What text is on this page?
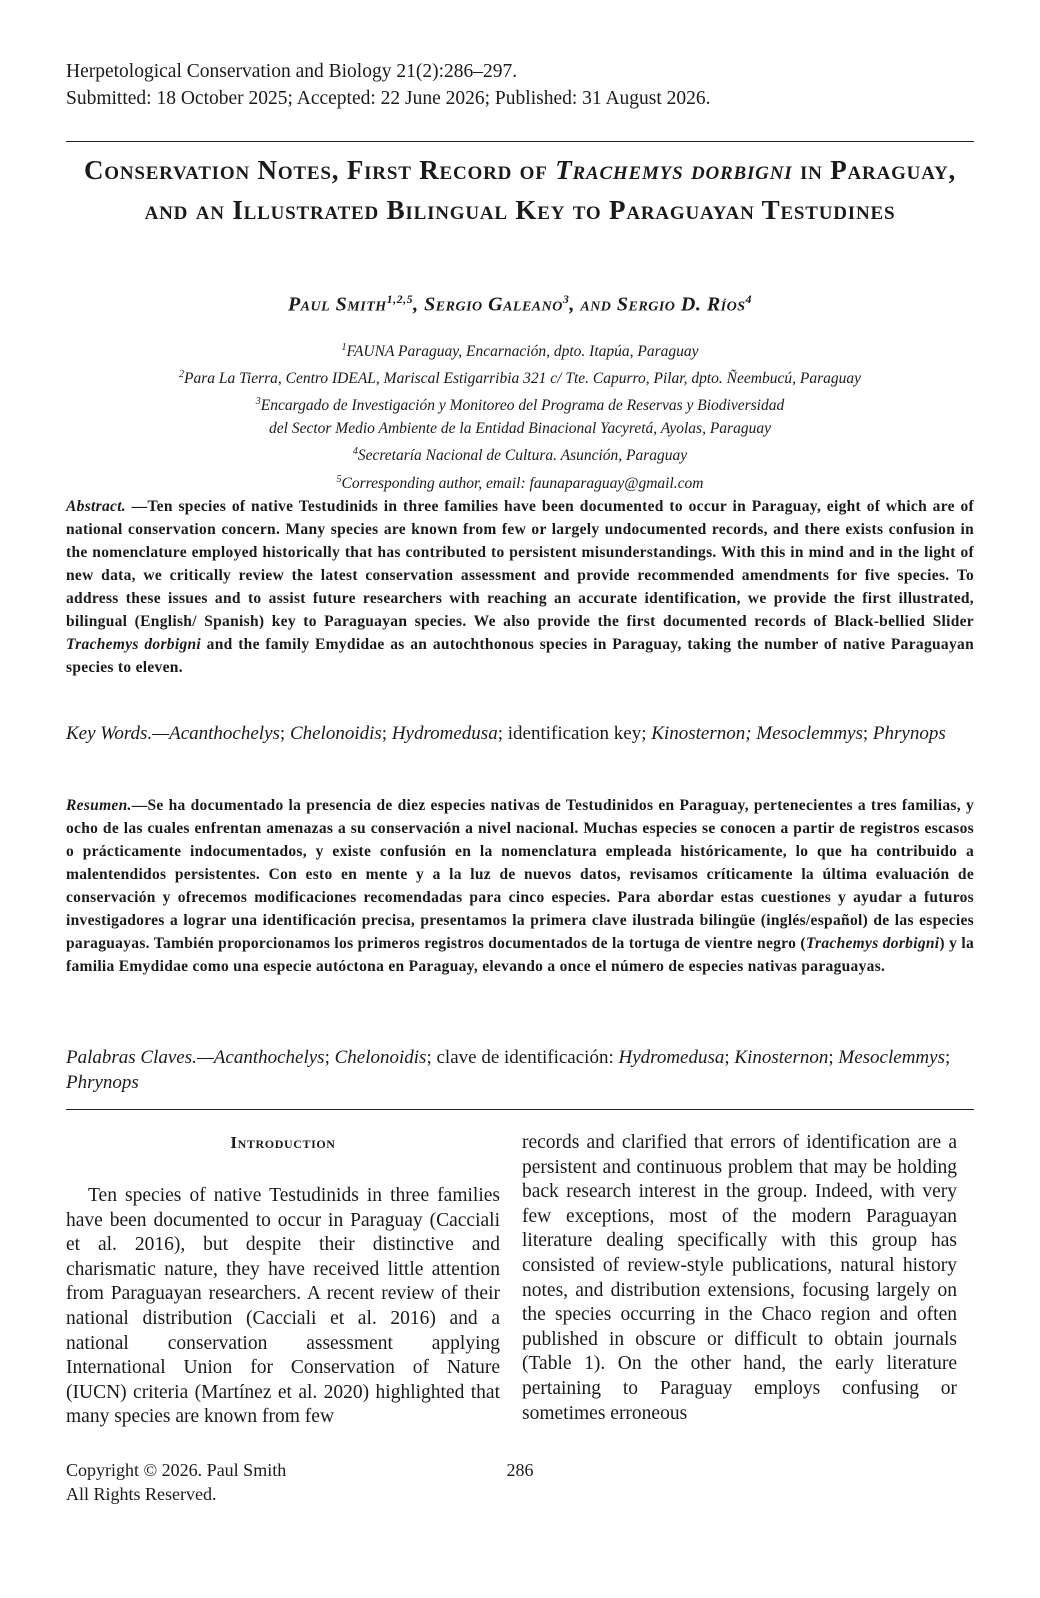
Herpetological Conservation and Biology 21(2):286–297.
Submitted: 18 October 2025; Accepted: 22 June 2026; Published: 31 August 2026.
Conservation Notes, First Record of Trachemys dorbigni in Paraguay, and an Illustrated Bilingual Key to Paraguayan Testudines
Paul Smith$^{1,2,5}$, Sergio Galeano$^3$, and Sergio D. Ríos$^4$
$^1$FAUNA Paraguay, Encarnación, dpto. Itapúa, Paraguay
$^2$Para La Tierra, Centro IDEAL, Mariscal Estigarribia 321 c/ Tte. Capurro, Pilar, dpto. Ñeembucú, Paraguay
$^3$Encargado de Investigación y Monitoreo del Programa de Reservas y Biodiversidad
del Sector Medio Ambiente de la Entidad Binacional Yacyretá, Ayolas, Paraguay
$^4$Secretaría Nacional de Cultura. Asunción, Paraguay
$^5$Corresponding author, email: faunaparaguay@gmail.com
Abstract. —Ten species of native Testudinids in three families have been documented to occur in Paraguay, eight of which are of national conservation concern. Many species are known from few or largely undocumented records, and there exists confusion in the nomenclature employed historically that has contributed to persistent misunderstandings. With this in mind and in the light of new data, we critically review the latest conservation assessment and provide recommended amendments for five species. To address these issues and to assist future researchers with reaching an accurate identification, we provide the first illustrated, bilingual (English/ Spanish) key to Paraguayan species. We also provide the first documented records of Black-bellied Slider Trachemys dorbigni and the family Emydidae as an autochthonous species in Paraguay, taking the number of native Paraguayan species to eleven.
Key Words.—Acanthochelys; Chelonoidis; Hydromedusa; identification key; Kinosternon; Mesoclemmys; Phrynops
Resumen.—Se ha documentado la presencia de diez especies nativas de Testudinidos en Paraguay, pertenecientes a tres familias, y ocho de las cuales enfrentan amenazas a su conservación a nivel nacional. Muchas especies se conocen a partir de registros escasos o prácticamente indocumentados, y existe confusión en la nomenclatura empleada históricamente, lo que ha contribuido a malentendidos persistentes. Con esto en mente y a la luz de nuevos datos, revisamos críticamente la última evaluación de conservación y ofrecemos modificaciones recomendadas para cinco especies. Para abordar estas cuestiones y ayudar a futuros investigadores a lograr una identificación precisa, presentamos la primera clave ilustrada bilingüe (inglés/español) de las especies paraguayas. También proporcionamos los primeros registros documentados de la tortuga de vientre negro (Trachemys dorbigni) y la familia Emydidae como una especie autóctona en Paraguay, elevando a once el número de especies nativas paraguayas.
Palabras Claves.—Acanthochelys; Chelonoidis; clave de identificación: Hydromedusa; Kinosternon; Mesoclemmys; Phrynops
Introduction

Ten species of native Testudinids in three families have been documented to occur in Paraguay (Cacciali et al. 2016), but despite their distinctive and charismatic nature, they have received little attention from Paraguayan researchers. A recent review of their national distribution (Cacciali et al. 2016) and a national conservation assessment applying International Union for Conservation of Nature (IUCN) criteria (Martínez et al. 2020) highlighted that many species are known from few

records and clarified that errors of identification are a persistent and continuous problem that may be holding back research interest in the group. Indeed, with very few exceptions, most of the modern Paraguayan literature dealing specifically with this group has consisted of review-style publications, natural history notes, and distribution extensions, focusing largely on the species occurring in the Chaco region and often published in obscure or difficult to obtain journals (Table 1). On the other hand, the early literature pertaining to Paraguay employs confusing or sometimes erroneous

Copyright © 2026. Paul Smith
All Rights Reserved.
286
